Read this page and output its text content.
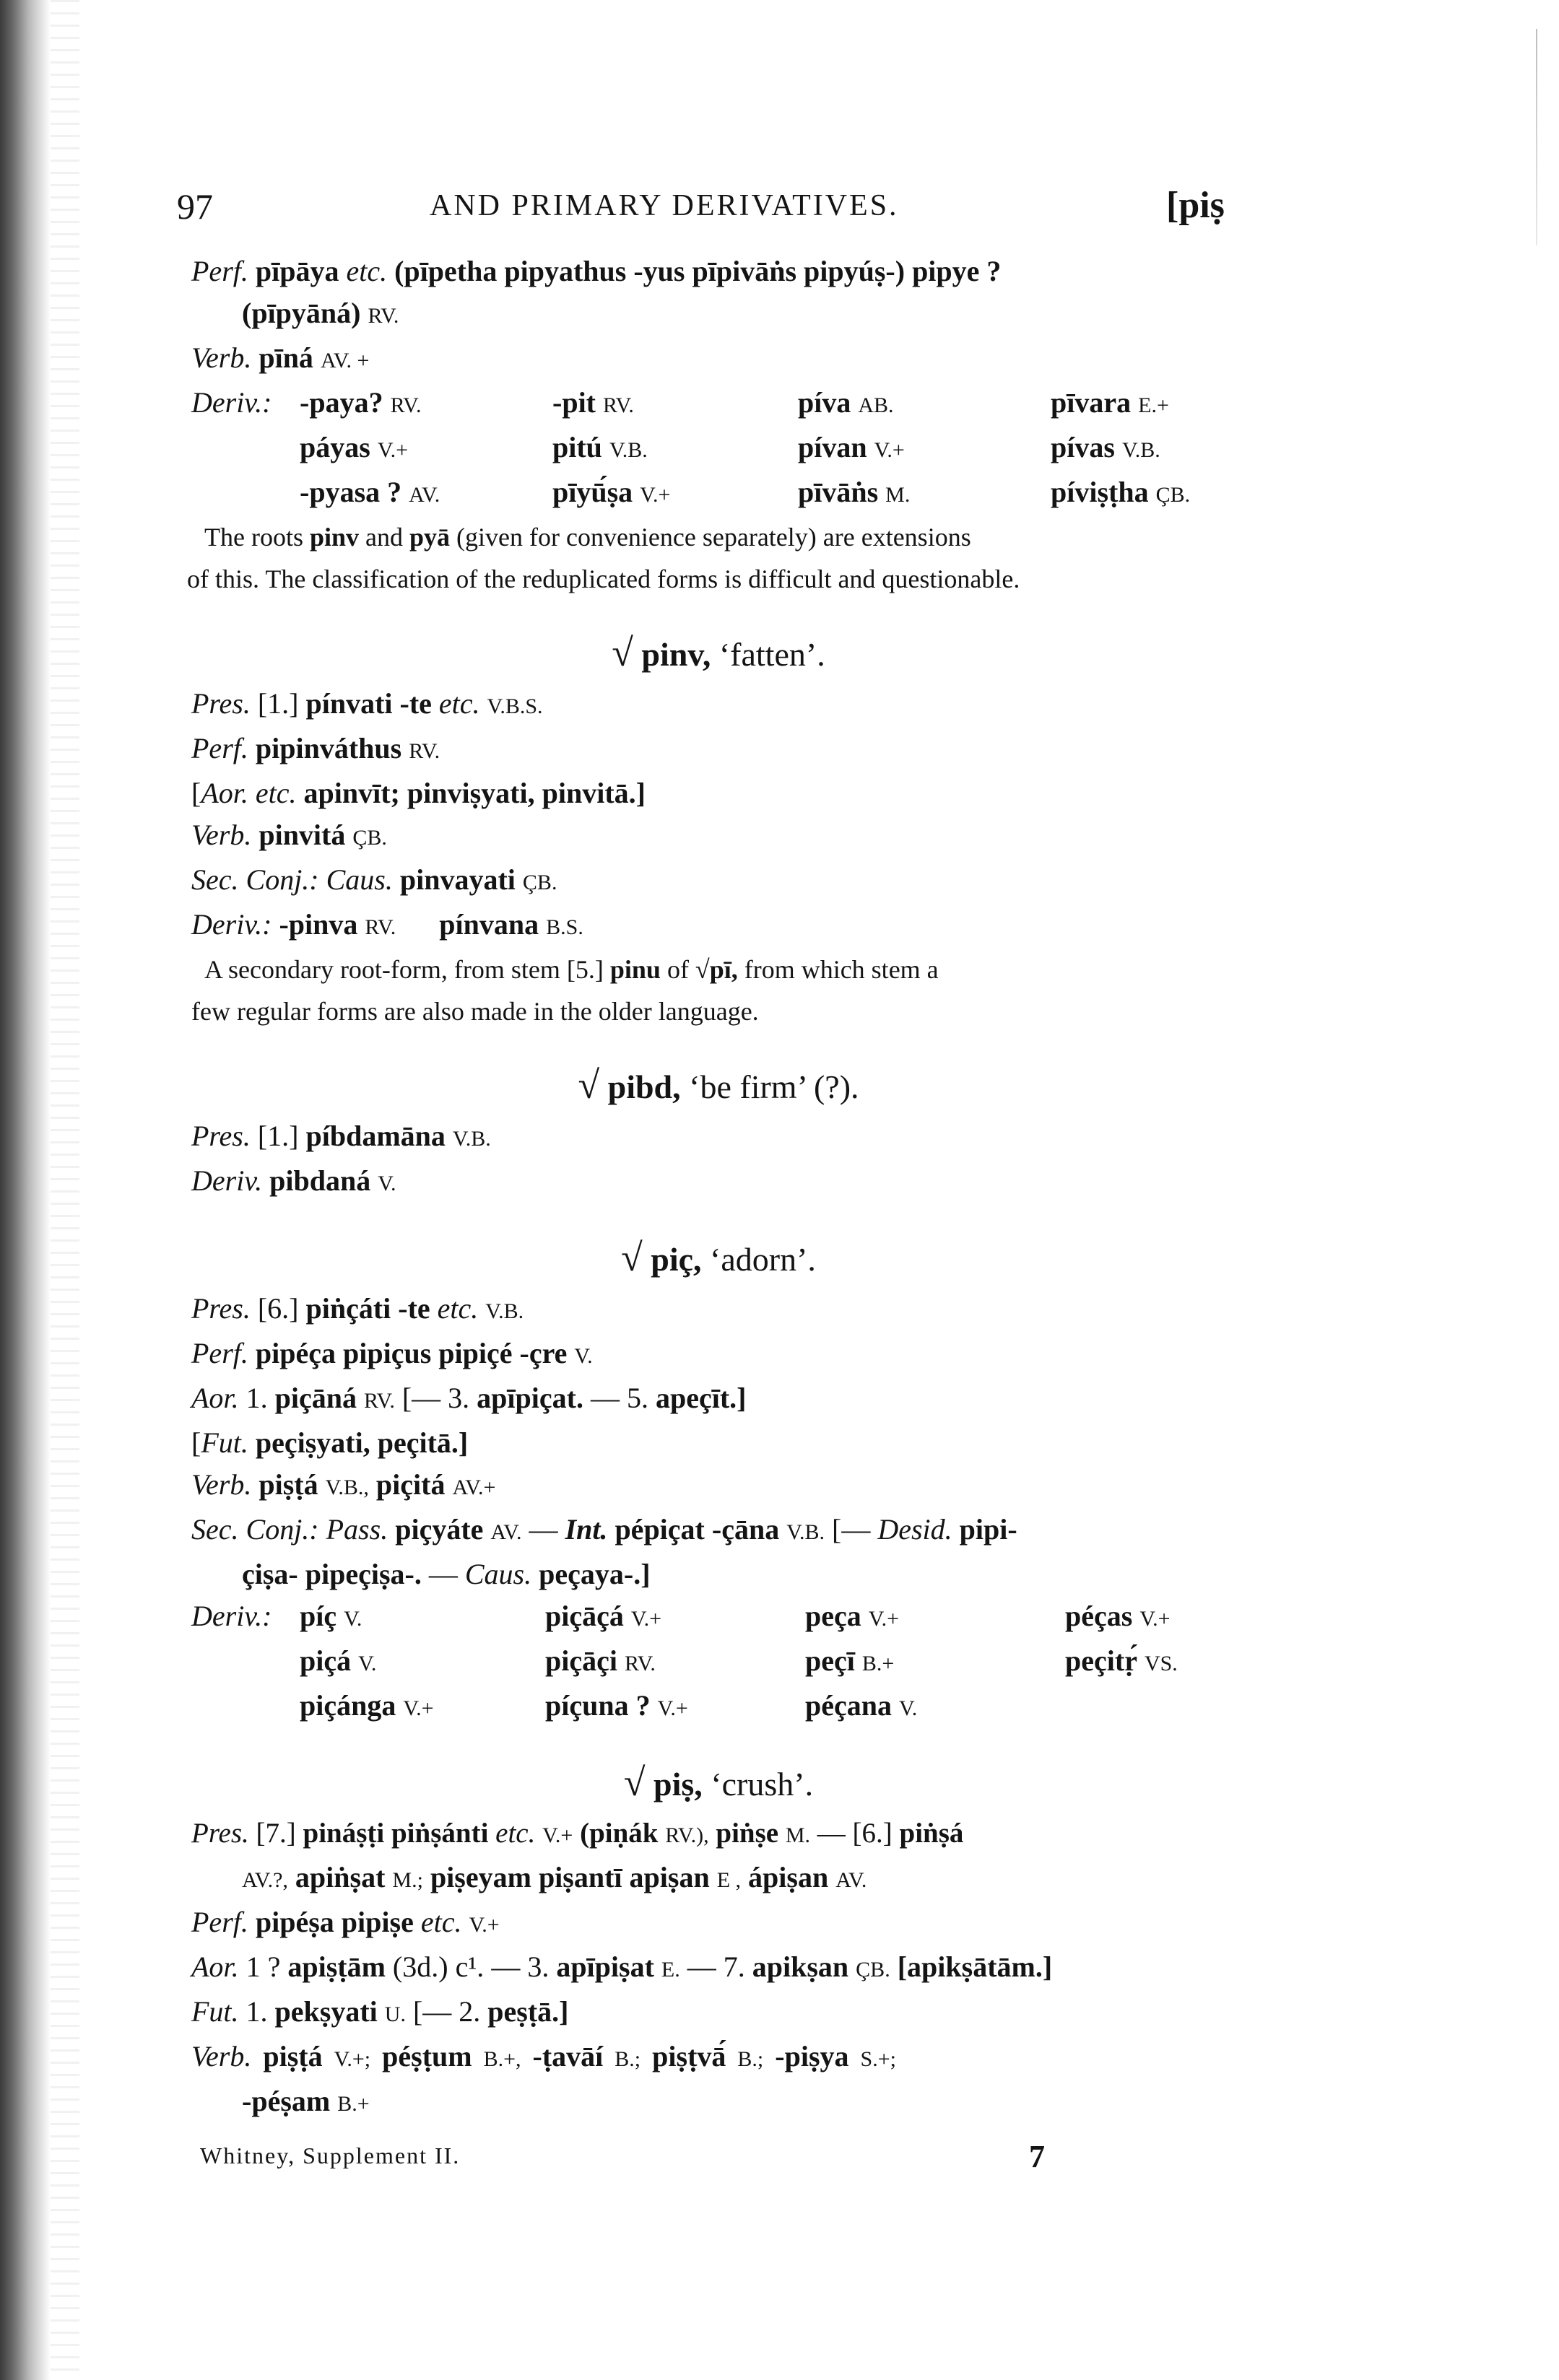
97	AND PRIMARY DERIVATIVES.	[piṣ
Perf. pīpāya etc. (pīpetha pipyathus -yus pīpivāṅs pipyúṣ-) pipye ?
(pīpyāná) RV.
Verb. pīná AV. +
Deriv.: -paya? RV.	-pit RV.	píva AB.	pīvara E.+
páyas V.+	pitú V.B.	pívan V.+	pívas V.B.
-pyasa ? AV.	pīyū́ṣa V.+	pīvāṅs M.	píviṣṭha ÇB.
The roots pinv and pyā (given for convenience separately) are extensions
of this. The classification of the reduplicated forms is difficult and questionable.
√ pinv, ‘fatten’.
Pres. [1.] pínvati -te etc. V.B.S.
Perf. pipinváthus RV.
[Aor. etc. apinvīt; pinviṣyati, pinvitā.]
Verb. pinvitá ÇB.
Sec. Conj.: Caus. pinvayati ÇB.
Deriv.: -pinva RV. pínvana B.S.
A secondary root-form, from stem [5.] pinu of √pī, from which stem a
few regular forms are also made in the older language.
√ pibd, ‘be firm’ (?).
Pres. [1.] píbdamāna V.B.
Deriv. pibdaná V.
√ piç, ‘adorn’.
Pres. [6.] piṅçáti -te etc. V.B.
Perf. pipéça pipiçus pipiçé -çre V.
Aor. 1. piçāná RV. [— 3. apīpiçat. — 5. apeçīt.]
[Fut. peçiṣyati, peçitā.]
Verb. piṣṭá V.B., piçitá AV.+
Sec. Conj.: Pass. piçyáte AV. — Int. pépiçat -çāna V.B. [— Desid. pipi-
çiṣa- pipeçiṣa-. — Caus. peçaya-.]
Deriv.: píç V.	piçāçá V.+	peça V.+	péças V.+
piçá V.	piçāçi RV.	peçī B.+	peçitṛ́ VS.
piçánga V.+	píçuna ? V.+	péçana V.
√ piṣ, ‘crush’.
Pres. [7.] pináṣṭi piṅṣánti etc. V.+ (piṇák RV.), piṅṣe M. — [6.] piṅṣá
AV.?, apiṅṣat M.; piṣeyam piṣantī apiṣan E , ápiṣan AV.
Perf. pipéṣa pipiṣe etc. V.+
Aor. 1 ? apiṣṭām (3d.) c¹. — 3. apīpiṣat E. — 7. apikṣan ÇB. [apikṣātām.]
Fut. 1. pekṣyati U. [— 2. peṣṭā.]
Verb. piṣṭá V.+; péṣṭum B.+, -ṭavāí B.; piṣṭvā́ B.; -piṣya S.+;
-péṣam B.+
Whitney, Supplement II.	7
